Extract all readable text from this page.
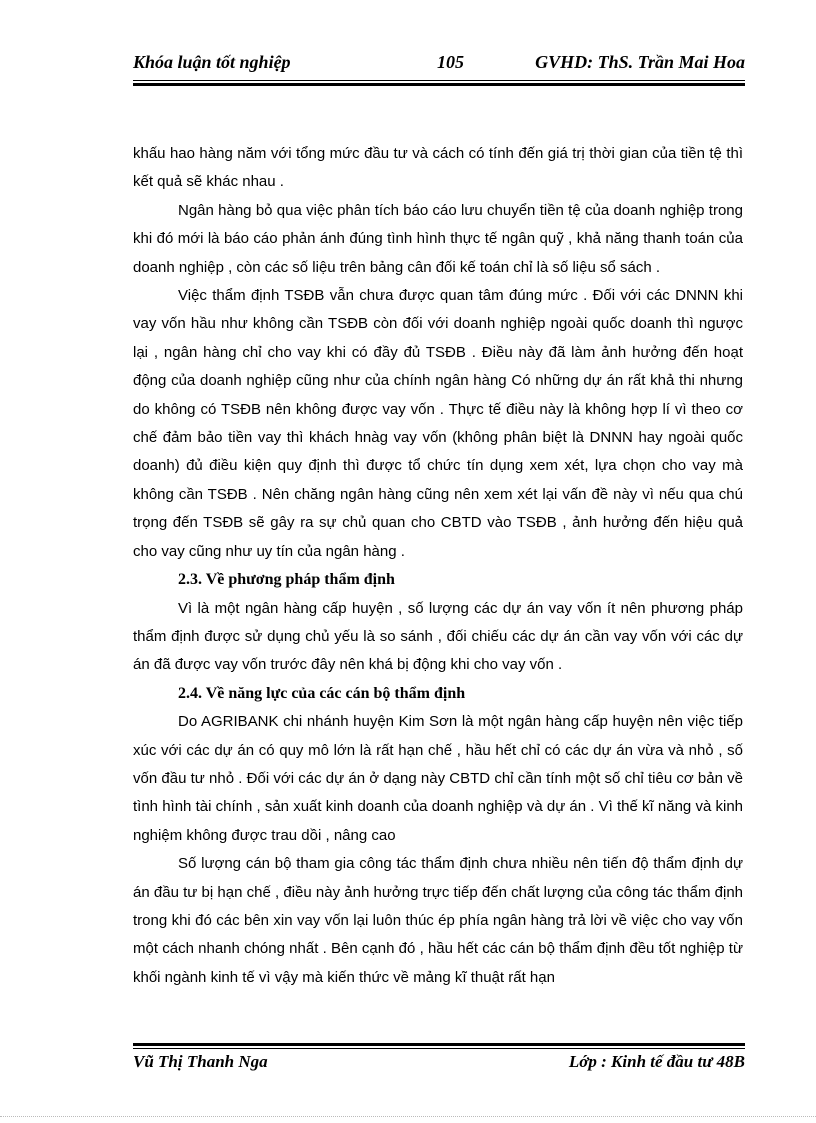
Khóa luận tốt nghiệp	105	GVHD: ThS. Trần Mai Hoa

khấu hao hàng năm với tổng mức đầu tư và cách có tính đến giá trị thời gian của tiền tệ thì kết quả sẽ khác nhau .

Ngân hàng bỏ qua việc phân tích báo cáo lưu chuyển tiền tệ của doanh nghiệp trong khi đó mới là báo cáo phản ánh đúng tình hình thực tế ngân quỹ , khả năng thanh toán của doanh nghiệp , còn các số liệu trên bảng cân đối kế toán chỉ là số liệu sổ sách .

Việc thẩm định TSĐB vẫn chưa được quan tâm đúng mức . Đối với các DNNN khi vay vốn hầu như không cần TSĐB còn đối với doanh nghiệp ngoài quốc doanh thì ngược lại , ngân hàng chỉ cho vay khi có đầy đủ TSĐB . Điều này đã làm ảnh hưởng đến hoạt động của doanh nghiệp cũng như của chính ngân hàng Có những dự án rất khả thi nhưng do không có TSĐB nên không được vay vốn . Thực tế điều này là không hợp lí vì theo cơ chế đảm bảo tiền vay thì khách hnàg vay vốn (không phân biệt là DNNN hay ngoài quốc doanh) đủ điều kiện quy định thì được tổ chức tín dụng xem xét, lựa chọn cho vay mà không cần TSĐB . Nên chăng ngân hàng cũng nên xem xét lại vấn đề này vì nếu qua chú trọng đến TSĐB sẽ gây ra sự chủ quan cho CBTD vào TSĐB , ảnh hưởng đến hiệu quả cho vay cũng như uy tín của ngân hàng .

2.3. Về phương pháp thẩm định

Vì là một ngân hàng cấp huyện , số lượng các dự án vay vốn ít nên phương pháp thẩm định được sử dụng chủ yếu là so sánh , đối chiếu các dự án cần vay vốn với các dự án đã được vay vốn trước đây nên khá bị động khi cho vay vốn .

2.4. Về năng lực của các cán bộ thẩm định

Do AGRIBANK chi nhánh huyện Kim Sơn là một ngân hàng cấp huyện nên việc tiếp xúc với các dự án có quy mô lớn là rất hạn chế , hầu hết chỉ có các dự án vừa và nhỏ , số vốn đầu tư nhỏ . Đối với các dự án ở dạng này CBTD chỉ cần tính một số chỉ tiêu cơ bản về tình hình tài chính , sản xuất kinh doanh của doanh nghiệp và dự án . Vì thế kĩ năng và kinh nghiệm không được trau dồi , nâng cao

Số lượng cán bộ tham gia công tác thẩm định chưa nhiều nên tiến độ thẩm định dự án đầu tư bị hạn chế , điều này ảnh hưởng trực tiếp đến chất lượng của công tác thẩm định trong khi đó các bên xin vay vốn lại luôn thúc ép phía ngân hàng trả lời về việc cho vay vốn một cách nhanh chóng nhất . Bên cạnh đó , hầu hết các cán bộ thẩm định đều tốt nghiệp từ khối ngành kinh tế vì vậy mà kiến thức về mảng kĩ thuật rất hạn

Vũ Thị Thanh Nga	Lớp : Kinh tế đầu tư 48B
